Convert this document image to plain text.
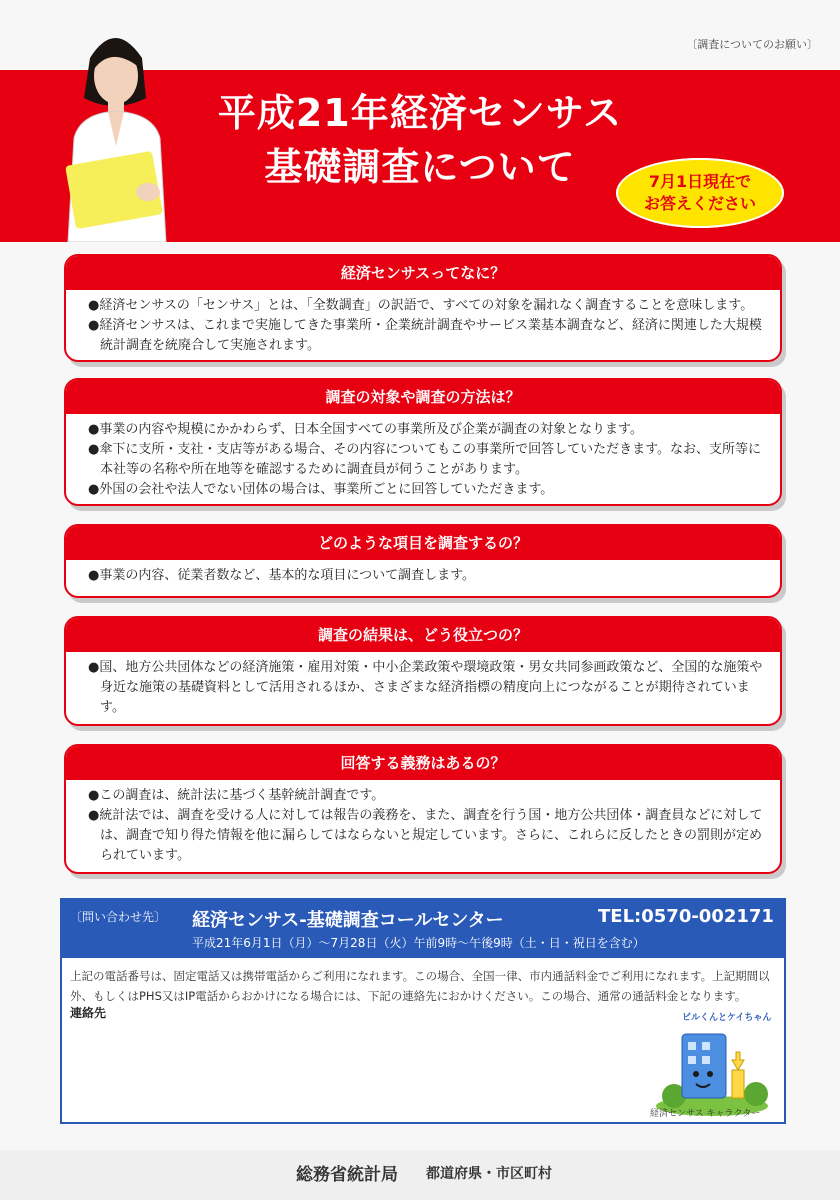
〔調査についてのお願い〕
平成21年経済センサス
基礎調査について	7月1日現在で
お答えください
経済センサスってなに？

●経済センサスの「センサス」とは、「全数調査」の訳語で、すべての対象を漏れなく調査することを意味します。

●経済センサスは、これまで実施してきた事業所・企業統計調査やサービス業基本調査など、経済に関連した大規模統計調査を統廃合して実施されます。

調査の対象や調査の方法は？

●事業の内容や規模にかかわらず、日本全国すべての事業所及び企業が調査の対象となります。

●傘下に支所・支社・支店等がある場合、その内容についてもこの事業所で回答していただきます。なお、支所等に本社等の名称や所在地等を確認するために調査員が伺うことがあります。

●外国の会社や法人でない団体の場合は、事業所ごとに回答していただきます。

どのような項目を調査するの？

●事業の内容、従業者数など、基本的な項目について調査します。

調査の結果は、どう役立つの？

●国、地方公共団体などの経済施策・雇用対策・中小企業政策や環境政策・男女共同参画政策など、全国的な施策や身近な施策の基礎資料として活用されるほか、さまざまな経済指標の精度向上につながることが期待されています。

回答する義務はあるの？

●この調査は、統計法に基づく基幹統計調査です。

●統計法では、調査を受ける人に対しては報告の義務を、また、調査を行う国・地方公共団体・調査員などに対しては、調査で知り得た情報を他に漏らしてはならないと規定しています。さらに、これらに反したときの罰則が定められています。

〔問い合わせ先〕 経済センサス‐基礎調査コールセンター	TEL:0570-002171
平成21年6月1日（月）〜7月28日（火）午前9時〜午後9時（土・日・祝日を含む）
上記の電話番号は、固定電話又は携帯電話からご利用になれます。この場合、全国一律、市内通話料金でご利用になれます。上記期間以外、もしくはPHS又はIP電話からおかけになる場合には、下記の連絡先におかけください。この場合、通常の通話料金となります。
連絡先	ビルくんとケイちゃん
経済センサス キャラクター
総務省統計局 都道府県・市区町村
